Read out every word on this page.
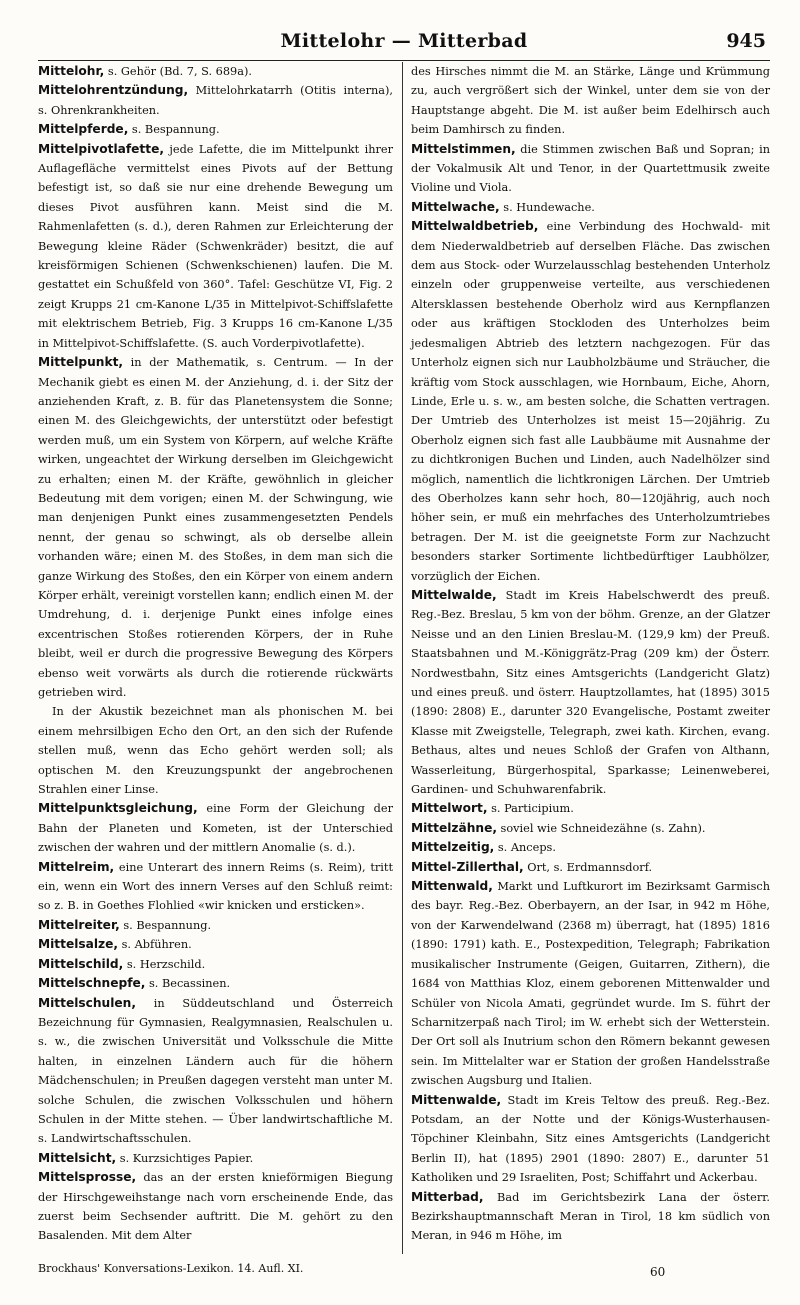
Mittelohr — Mitterbad	945

Mittelohr, s. Gehör (Bd. 7, S. 689a).

Mittelohrentzündung, Mittelohrkatarrh (Otitis interna), s. Ohrenkrankheiten.

Mittelpferde, s. Bespannung.

Mittelpivotlafette, jede Lafette, die im Mittelpunkt ihrer Auflagefläche vermittelst eines Pivots auf der Bettung befestigt ist, so daß sie nur eine drehende Bewegung um dieses Pivot ausführen kann. Meist sind die M. Rahmenlafetten (s. d.), deren Rahmen zur Erleichterung der Bewegung kleine Räder (Schwenkräder) besitzt, die auf kreisförmigen Schienen (Schwenkschienen) laufen. Die M. gestattet ein Schußfeld von 360°. Tafel: Geschütze VI, Fig. 2 zeigt Krupps 21 cm-Kanone L/35 in Mittelpivot-Schiffslafette mit elektrischem Betrieb, Fig. 3 Krupps 16 cm-Kanone L/35 in Mittelpivot-Schiffslafette. (S. auch Vorderpivotlafette).

Mittelpunkt, in der Mathematik, s. Centrum. — In der Mechanik giebt es einen M. der Anziehung, d. i. der Sitz der anziehenden Kraft, z. B. für das Planetensystem die Sonne; einen M. des Gleichgewichts, der unterstützt oder befestigt werden muß, um ein System von Körpern, auf welche Kräfte wirken, ungeachtet der Wirkung derselben im Gleichgewicht zu erhalten; einen M. der Kräfte, gewöhnlich in gleicher Bedeutung mit dem vorigen; einen M. der Schwingung, wie man denjenigen Punkt eines zusammengesetzten Pendels nennt, der genau so schwingt, als ob derselbe allein vorhanden wäre; einen M. des Stoßes, in dem man sich die ganze Wirkung des Stoßes, den ein Körper von einem andern Körper erhält, vereinigt vorstellen kann; endlich einen M. der Umdrehung, d. i. derjenige Punkt eines infolge eines excentrischen Stoßes rotierenden Körpers, der in Ruhe bleibt, weil er durch die progressive Bewegung des Körpers ebenso weit vorwärts als durch die rotierende rückwärts getrieben wird.

In der Akustik bezeichnet man als phonischen M. bei einem mehrsilbigen Echo den Ort, an den sich der Rufende stellen muß, wenn das Echo gehört werden soll; als optischen M. den Kreuzungspunkt der angebrochenen Strahlen einer Linse.

Mittelpunktsgleichung, eine Form der Gleichung der Bahn der Planeten und Kometen, ist der Unterschied zwischen der wahren und der mittlern Anomalie (s. d.).

Mittelreim, eine Unterart des innern Reims (s. Reim), tritt ein, wenn ein Wort des innern Verses auf den Schluß reimt: so z. B. in Goethes Flohlied «wir knicken und ersticken».

Mittelreiter, s. Bespannung.

Mittelsalze, s. Abführen.

Mittelschild, s. Herzschild.

Mittelschnepfe, s. Becassinen.

Mittelschulen, in Süddeutschland und Österreich Bezeichnung für Gymnasien, Realgymnasien, Realschulen u. s. w., die zwischen Universität und Volksschule die Mitte halten, in einzelnen Ländern auch für die höhern Mädchenschulen; in Preußen dagegen versteht man unter M. solche Schulen, die zwischen Volksschulen und höhern Schulen in der Mitte stehen. — Über landwirtschaftliche M. s. Landwirtschaftsschulen.

Mittelsicht, s. Kurzsichtiges Papier.

Mittelsprosse, das an der ersten knieförmigen Biegung der Hirschgeweihstange nach vorn erscheinende Ende, das zuerst beim Sechsender auftritt. Die M. gehört zu den Basalenden. Mit dem Alter

des Hirsches nimmt die M. an Stärke, Länge und Krümmung zu, auch vergrößert sich der Winkel, unter dem sie von der Hauptstange abgeht. Die M. ist außer beim Edelhirsch auch beim Damhirsch zu finden.

Mittelstimmen, die Stimmen zwischen Baß und Sopran; in der Vokalmusik Alt und Tenor, in der Quartettmusik zweite Violine und Viola.

Mittelwache, s. Hundewache.

Mittelwaldbetrieb, eine Verbindung des Hochwald- mit dem Niederwaldbetrieb auf derselben Fläche. Das zwischen dem aus Stock- oder Wurzelausschlag bestehenden Unterholz einzeln oder gruppenweise verteilte, aus verschiedenen Altersklassen bestehende Oberholz wird aus Kernpflanzen oder aus kräftigen Stockloden des Unterholzes beim jedesmaligen Abtrieb des letztern nachgezogen. Für das Unterholz eignen sich nur Laubholzbäume und Sträucher, die kräftig vom Stock ausschlagen, wie Hornbaum, Eiche, Ahorn, Linde, Erle u. s. w., am besten solche, die Schatten vertragen. Der Umtrieb des Unterholzes ist meist 15—20jährig. Zu Oberholz eignen sich fast alle Laubbäume mit Ausnahme der zu dichtkronigen Buchen und Linden, auch Nadelhölzer sind möglich, namentlich die lichtkronigen Lärchen. Der Umtrieb des Oberholzes kann sehr hoch, 80—120jährig, auch noch höher sein, er muß ein mehrfaches des Unterholzumtriebes betragen. Der M. ist die geeignetste Form zur Nachzucht besonders starker Sortimente lichtbedürftiger Laubhölzer, vorzüglich der Eichen.

Mittelwalde, Stadt im Kreis Habelschwerdt des preuß. Reg.-Bez. Breslau, 5 km von der böhm. Grenze, an der Glatzer Neisse und an den Linien Breslau-M. (129,9 km) der Preuß. Staatsbahnen und M.-Königgrätz-Prag (209 km) der Österr. Nordwestbahn, Sitz eines Amtsgerichts (Landgericht Glatz) und eines preuß. und österr. Hauptzollamtes, hat (1895) 3015 (1890: 2808) E., darunter 320 Evangelische, Postamt zweiter Klasse mit Zweigstelle, Telegraph, zwei kath. Kirchen, evang. Bethaus, altes und neues Schloß der Grafen von Althann, Wasserleitung, Bürgerhospital, Sparkasse; Leinenweberei, Gardinen- und Schuhwarenfabrik.

Mittelwort, s. Participium.

Mittelzähne, soviel wie Schneidezähne (s. Zahn).

Mittelzeitig, s. Anceps.

Mittel-Zillerthal, Ort, s. Erdmannsdorf.

Mittenwald, Markt und Luftkurort im Bezirksamt Garmisch des bayr. Reg.-Bez. Oberbayern, an der Isar, in 942 m Höhe, von der Karwendelwand (2368 m) überragt, hat (1895) 1816 (1890: 1791) kath. E., Postexpedition, Telegraph; Fabrikation musikalischer Instrumente (Geigen, Guitarren, Zithern), die 1684 von Matthias Kloz, einem geborenen Mittenwalder und Schüler von Nicola Amati, gegründet wurde. Im S. führt der Scharnitzerpaß nach Tirol; im W. erhebt sich der Wetterstein. Der Ort soll als Inutrium schon den Römern bekannt gewesen sein. Im Mittelalter war er Station der großen Handelsstraße zwischen Augsburg und Italien.

Mittenwalde, Stadt im Kreis Teltow des preuß. Reg.-Bez. Potsdam, an der Notte und der Königs-Wusterhausen-Töpchiner Kleinbahn, Sitz eines Amtsgerichts (Landgericht Berlin II), hat (1895) 2901 (1890: 2807) E., darunter 51 Katholiken und 29 Israeliten, Post; Schiffahrt und Ackerbau.

Mitterbad, Bad im Gerichtsbezirk Lana der österr. Bezirkshauptmannschaft Meran in Tirol, 18 km südlich von Meran, in 946 m Höhe, im

Brockhaus' Konversations-Lexikon. 14. Aufl. XI.	60
